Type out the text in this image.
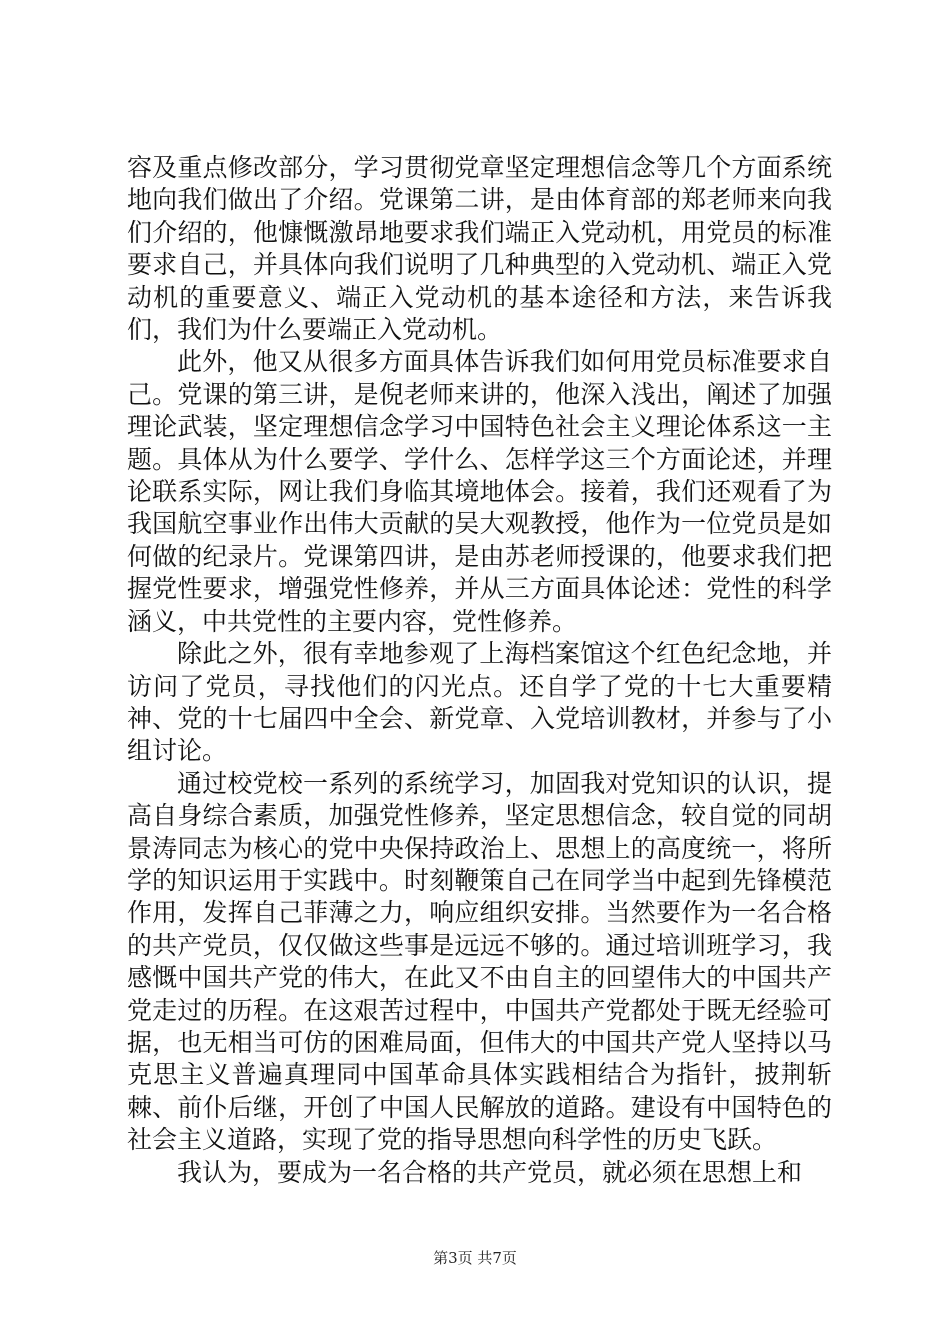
容及重点修改部分，学习贯彻党章坚定理想信念等几个方面系统地向我们做出了介绍。党课第二讲，是由体育部的郑老师来向我们介绍的，他慷慨激昂地要求我们端正入党动机，用党员的标准要求自己，并具体向我们说明了几种典型的入党动机、端正入党动机的重要意义、端正入党动机的基本途径和方法，来告诉我们，我们为什么要端正入党动机。

此外，他又从很多方面具体告诉我们如何用党员标准要求自己。党课的第三讲，是倪老师来讲的，他深入浅出，阐述了加强理论武装，坚定理想信念学习中国特色社会主义理论体系这一主题。具体从为什么要学、学什么、怎样学这三个方面论述，并理论联系实际，网让我们身临其境地体会。接着，我们还观看了为我国航空事业作出伟大贡献的吴大观教授，他作为一位党员是如何做的纪录片。党课第四讲，是由苏老师授课的，他要求我们把握党性要求，增强党性修养，并从三方面具体论述：党性的科学涵义，中共党性的主要内容，党性修养。

除此之外，很有幸地参观了上海档案馆这个红色纪念地，并访问了党员，寻找他们的闪光点。还自学了党的十七大重要精神、党的十七届四中全会、新党章、入党培训教材，并参与了小组讨论。

通过校党校一系列的系统学习，加固我对党知识的认识，提高自身综合素质，加强党性修养，坚定思想信念，较自觉的同胡景涛同志为核心的党中央保持政治上、思想上的高度统一，将所学的知识运用于实践中。时刻鞭策自己在同学当中起到先锋模范作用，发挥自己菲薄之力，响应组织安排。当然要作为一名合格的共产党员，仅仅做这些事是远远不够的。通过培训班学习，我感慨中国共产党的伟大，在此又不由自主的回望伟大的中国共产党走过的历程。在这艰苦过程中，中国共产党都处于既无经验可据，也无相当可仿的困难局面，但伟大的中国共产党人坚持以马克思主义普遍真理同中国革命具体实践相结合为指针，披荆斩棘、前仆后继，开创了中国人民解放的道路。建设有中国特色的社会主义道路，实现了党的指导思想向科学性的历史飞跃。

我认为，要成为一名合格的共产党员，就必须在思想上和

第3页 共7页
